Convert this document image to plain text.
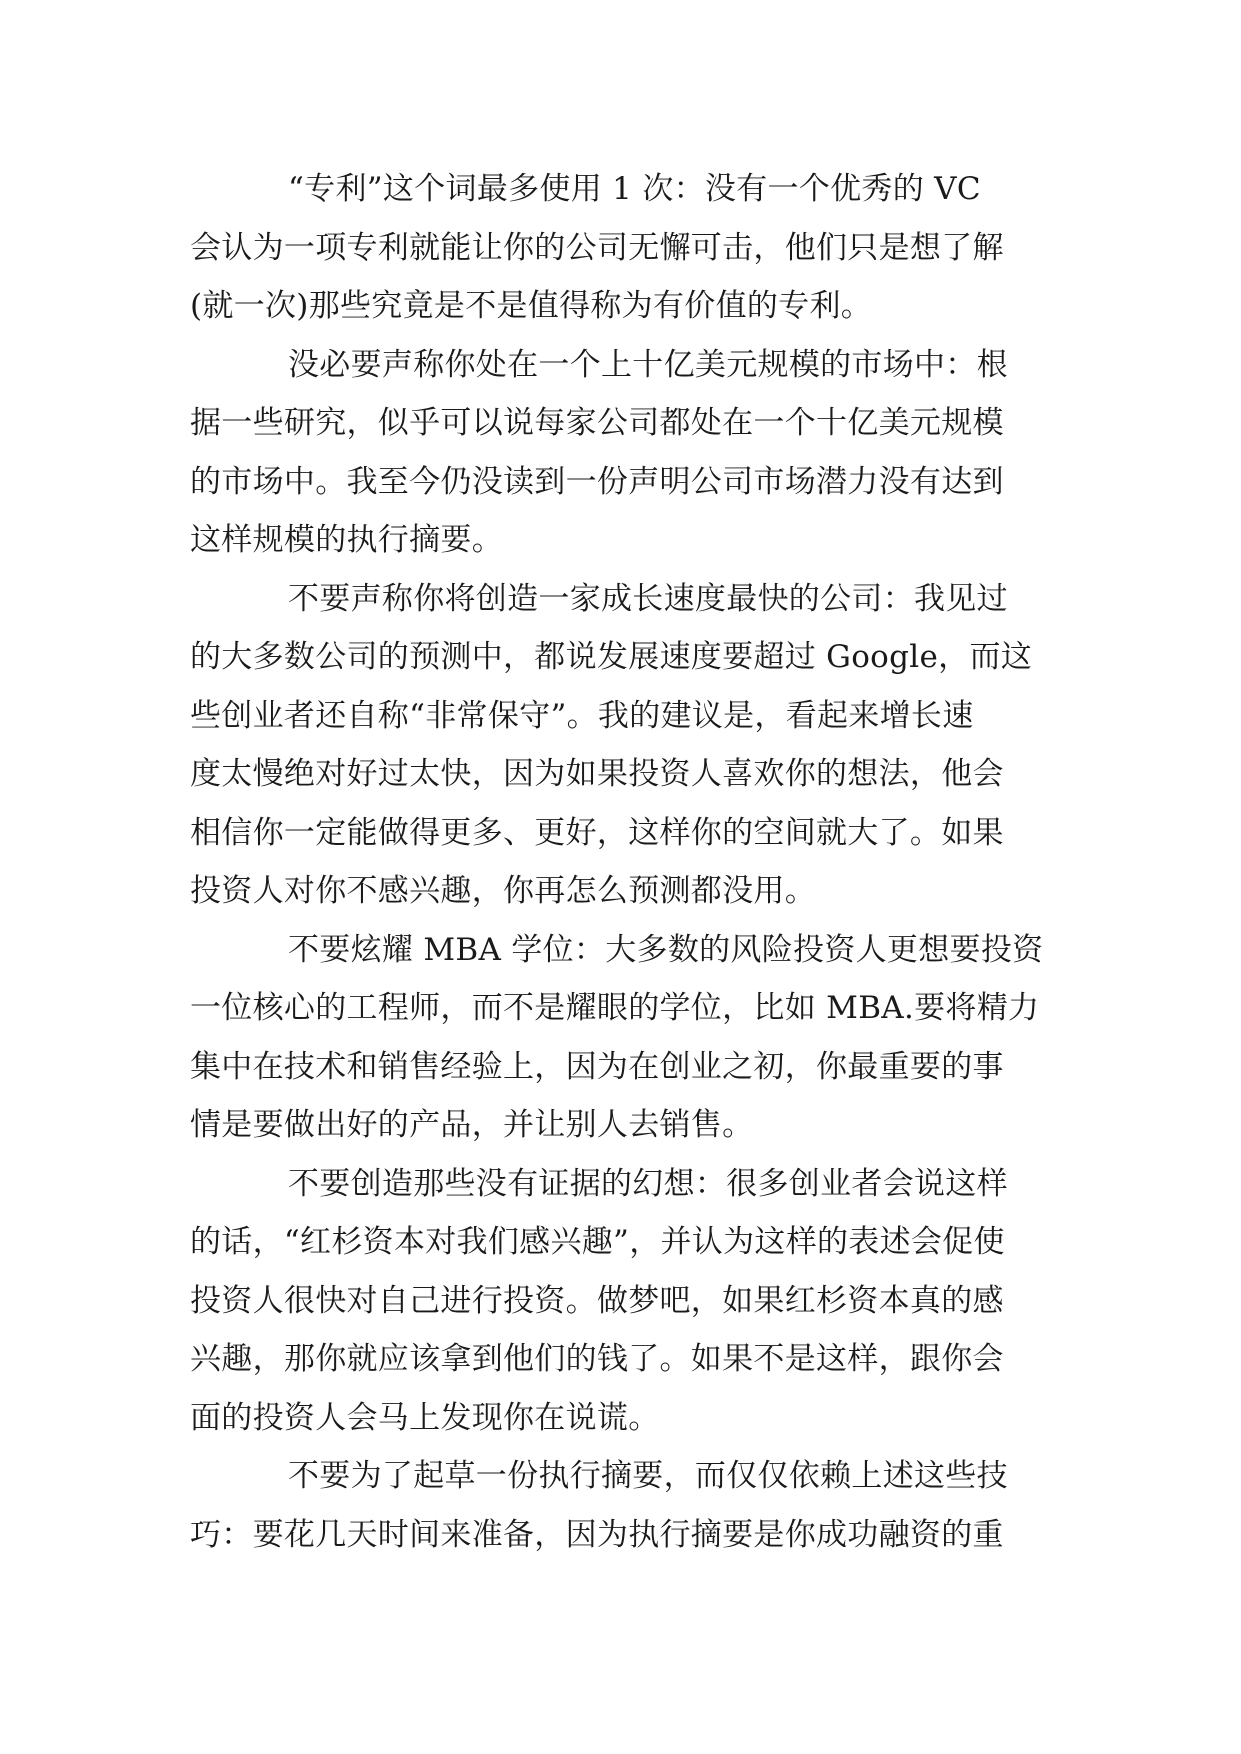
“专利”这个词最多使用 1 次：没有一个优秀的 VC
会认为一项专利就能让你的公司无懈可击，他们只是想了解
(就一次)那些究竟是不是值得称为有价值的专利。
没必要声称你处在一个上十亿美元规模的市场中：根
据一些研究，似乎可以说每家公司都处在一个十亿美元规模
的市场中。我至今仍没读到一份声明公司市场潜力没有达到
这样规模的执行摘要。
不要声称你将创造一家成长速度最快的公司：我见过
的大多数公司的预测中，都说发展速度要超过 Google，而这
些创业者还自称“非常保守”。我的建议是，看起来增长速
度太慢绝对好过太快，因为如果投资人喜欢你的想法，他会
相信你一定能做得更多、更好，这样你的空间就大了。如果
投资人对你不感兴趣，你再怎么预测都没用。
不要炫耀 MBA 学位：大多数的风险投资人更想要投资
一位核心的工程师，而不是耀眼的学位，比如 MBA.要将精力
集中在技术和销售经验上，因为在创业之初，你最重要的事
情是要做出好的产品，并让别人去销售。
不要创造那些没有证据的幻想：很多创业者会说这样
的话，“红杉资本对我们感兴趣”，并认为这样的表述会促使
投资人很快对自己进行投资。做梦吧，如果红杉资本真的感
兴趣，那你就应该拿到他们的钱了。如果不是这样，跟你会
面的投资人会马上发现你在说谎。
不要为了起草一份执行摘要，而仅仅依赖上述这些技
巧：要花几天时间来准备，因为执行摘要是你成功融资的重
